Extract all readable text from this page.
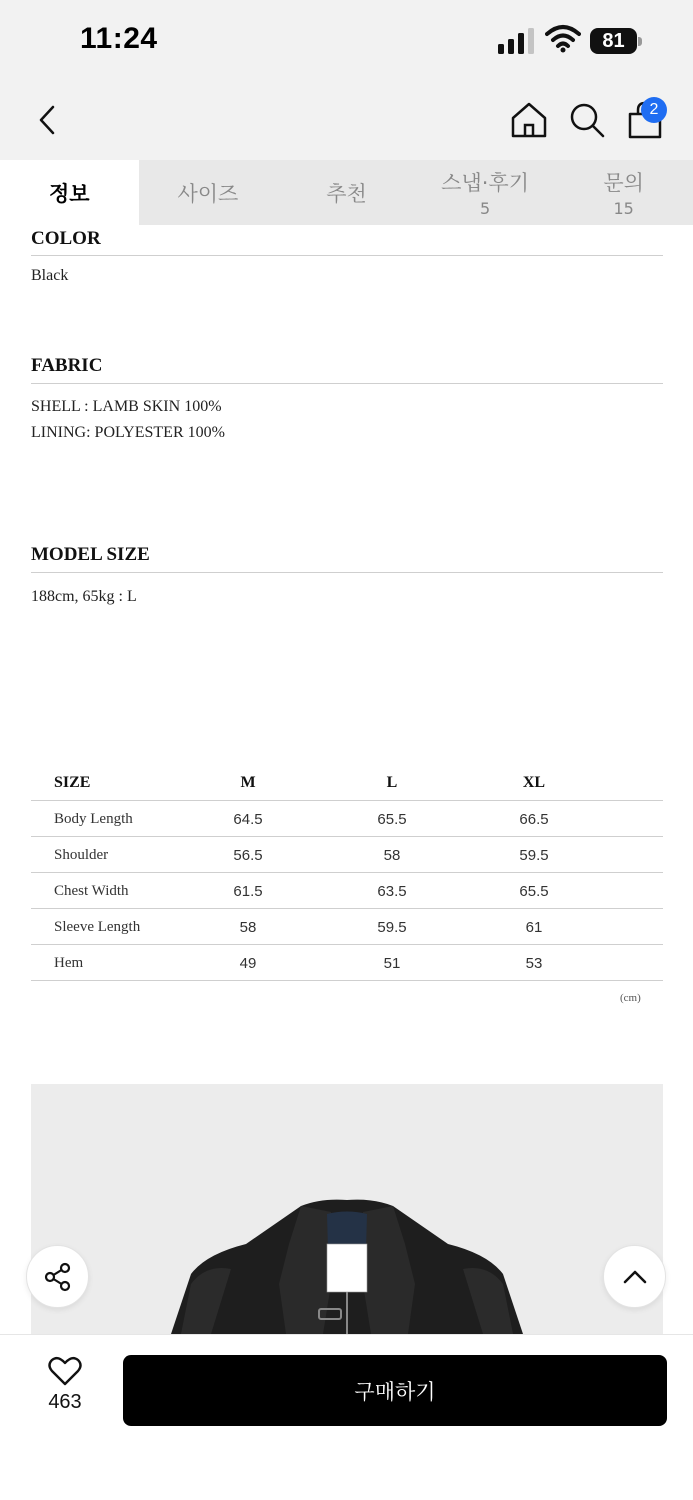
11:24	81
2
정보	사이즈	추천	스냅·후기
5
문의
15
COLOR
Black
FABRIC
SHELL : LAMB SKIN 100%
LINING: POLYESTER 100%
MODEL SIZE
188cm, 65kg : L
SIZE	M	L	XL
Body Length	64.5	65.5	66.5
Shoulder	56.5	58	59.5
Chest Width	61.5	63.5	65.5
Sleeve Length	58	59.5	61
Hem	49	51	53
(cm)
463	구매하기
